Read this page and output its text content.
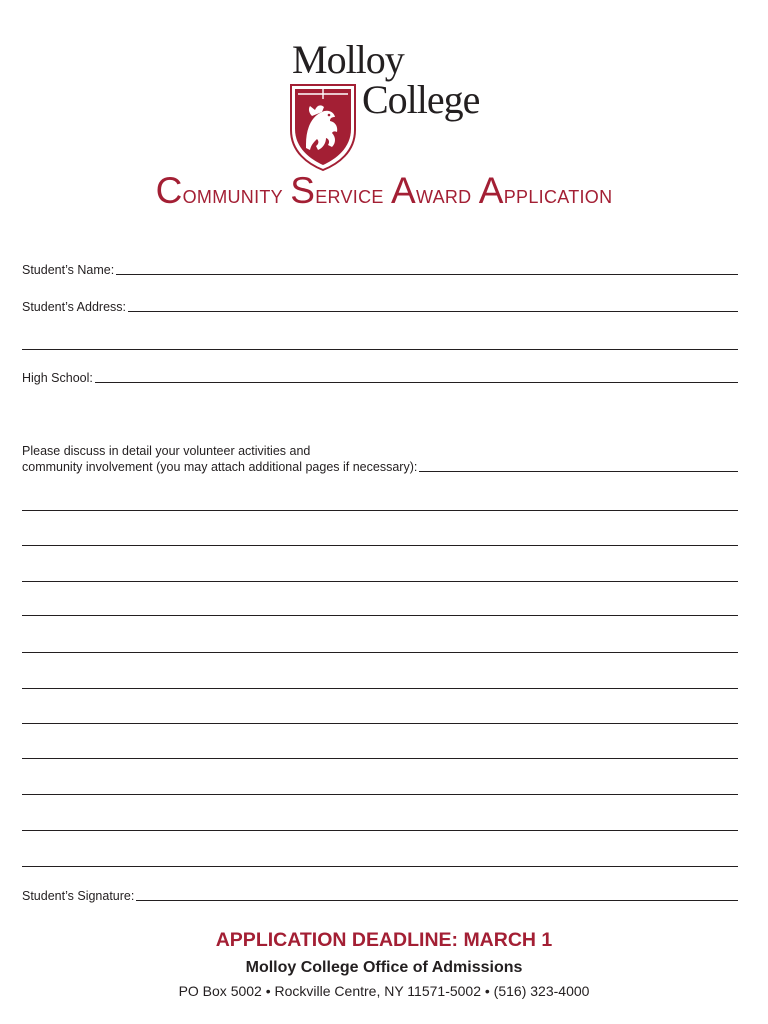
Molloy
College
Community Service Award Application
Student’s Name:
Student’s Address:
High School:
Please discuss in detail your volunteer activities and
community involvement (you may attach additional pages if necessary):
Student’s Signature:
APPLICATION DEADLINE: MARCH 1
Molloy College Office of Admissions
PO Box 5002 • Rockville Centre, NY 11571-5002 • (516) 323-4000
